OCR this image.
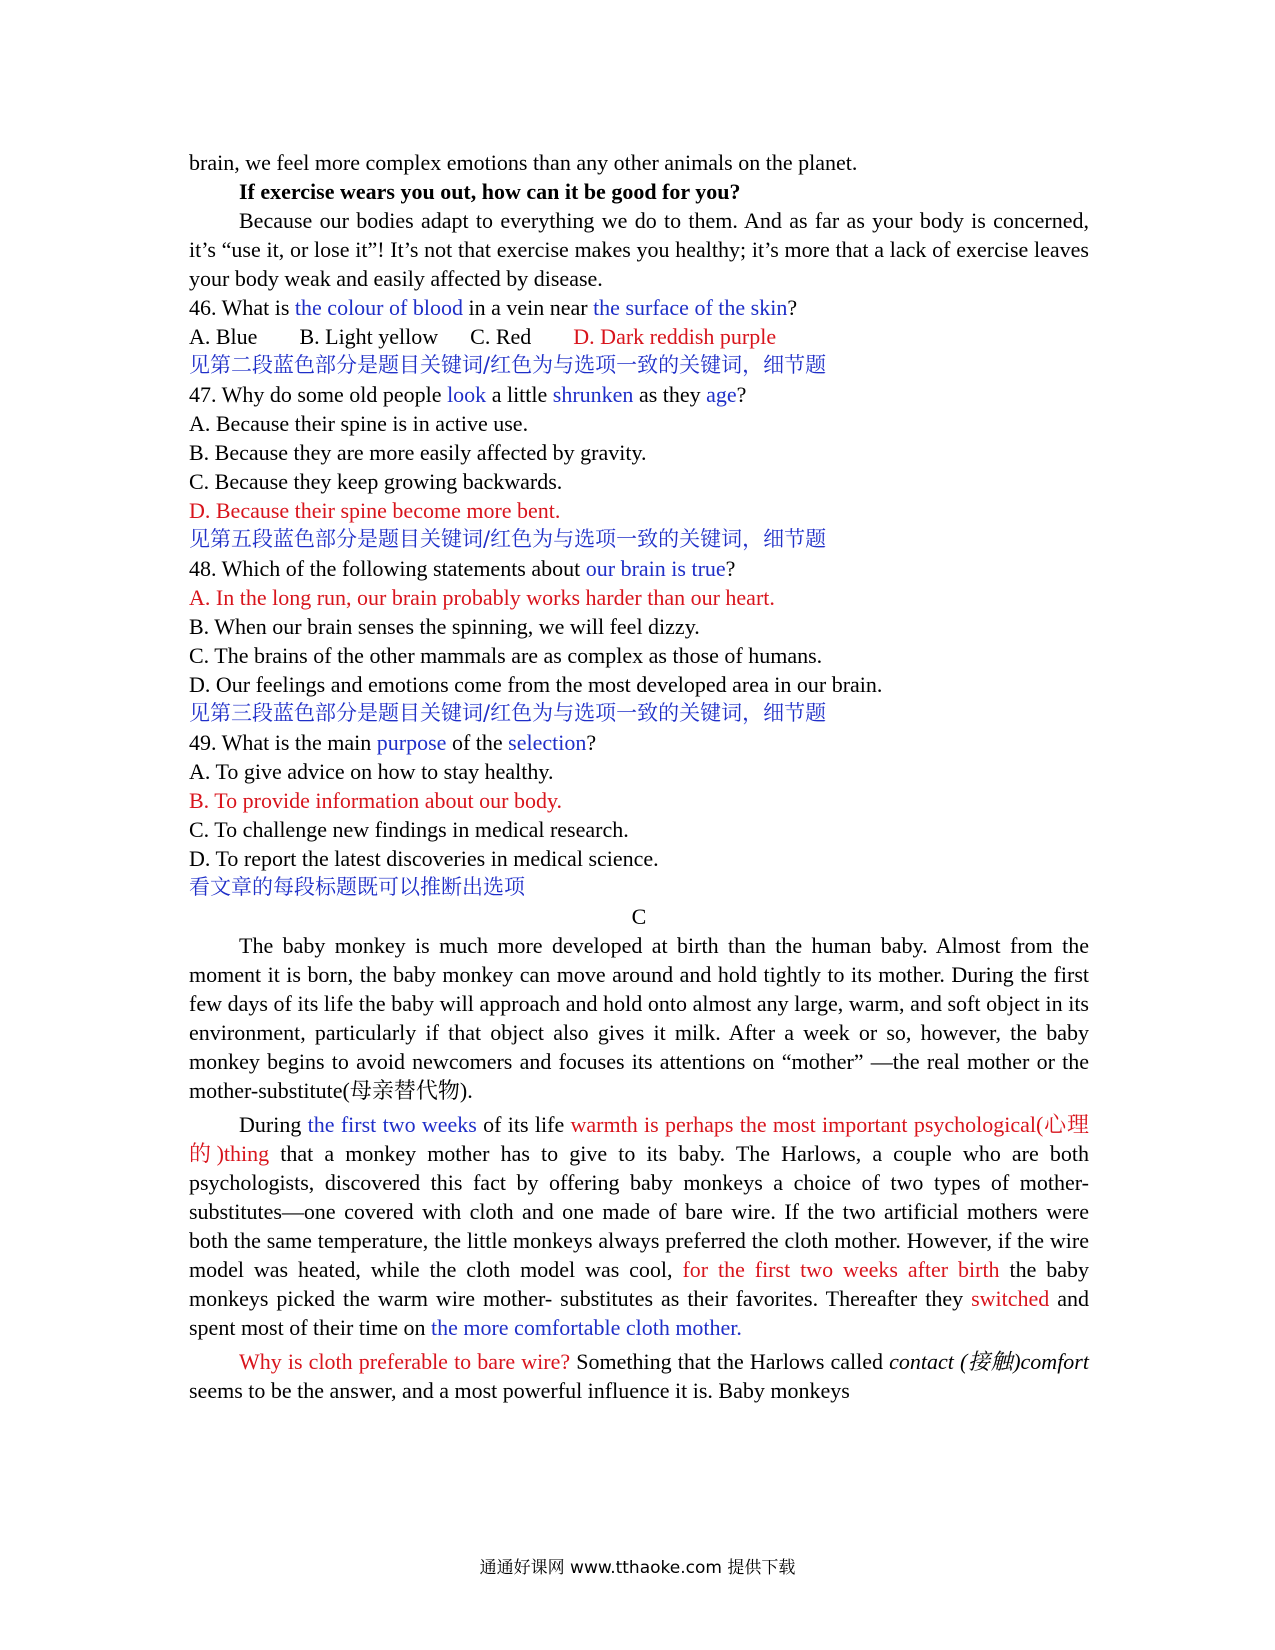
brain, we feel more complex emotions than any other animals on the planet.
If exercise wears you out, how can it be good for you?

Because our bodies adapt to everything we do to them. And as far as your body is concerned, it’s “use it, or lose it”! It’s not that exercise makes you healthy; it’s more that a lack of exercise leaves your body weak and easily affected by disease.

46. What is the colour of blood in a vein near the surface of the skin?
A. Blue B. Light yellow C. Red D. Dark reddish purple
见第二段蓝色部分是题目关键词/红色为与选项一致的关键词，细节题
47. Why do some old people look a little shrunken as they age?
A. Because their spine is in active use.
B. Because they are more easily affected by gravity.
C. Because they keep growing backwards.
D. Because their spine become more bent.
见第五段蓝色部分是题目关键词/红色为与选项一致的关键词，细节题
48. Which of the following statements about our brain is true?
A. In the long run, our brain probably works harder than our heart.
B. When our brain senses the spinning, we will feel dizzy.
C. The brains of the other mammals are as complex as those of humans.
D. Our feelings and emotions come from the most developed area in our brain.
见第三段蓝色部分是题目关键词/红色为与选项一致的关键词，细节题
49. What is the main purpose of the selection?
A. To give advice on how to stay healthy.
B. To provide information about our body.
C. To challenge new findings in medical research.
D. To report the latest discoveries in medical science.
看文章的每段标题既可以推断出选项
C

The baby monkey is much more developed at birth than the human baby. Almost from the moment it is born, the baby monkey can move around and hold tightly to its mother. During the first few days of its life the baby will approach and hold onto almost any large, warm, and soft object in its environment, particularly if that object also gives it milk. After a week or so, however, the baby monkey begins to avoid newcomers and focuses its attentions on “mother” —the real mother or the mother-substitute(母亲替代物).

During the first two weeks of its life warmth is perhaps the most important psychological(心理的)thing that a monkey mother has to give to its baby. The Harlows, a couple who are both psychologists, discovered this fact by offering baby monkeys a choice of two types of mother- substitutes—one covered with cloth and one made of bare wire. If the two artificial mothers were both the same temperature, the little monkeys always preferred the cloth mother. However, if the wire model was heated, while the cloth model was cool, for the first two weeks after birth the baby monkeys picked the warm wire mother- substitutes as their favorites. Thereafter they switched and spent most of their time on the more comfortable cloth mother.

Why is cloth preferable to bare wire? Something that the Harlows called contact (接触)comfort seems to be the answer, and a most powerful influence it is. Baby monkeys

通通好课网 www.tthaoke.com 提供下载
